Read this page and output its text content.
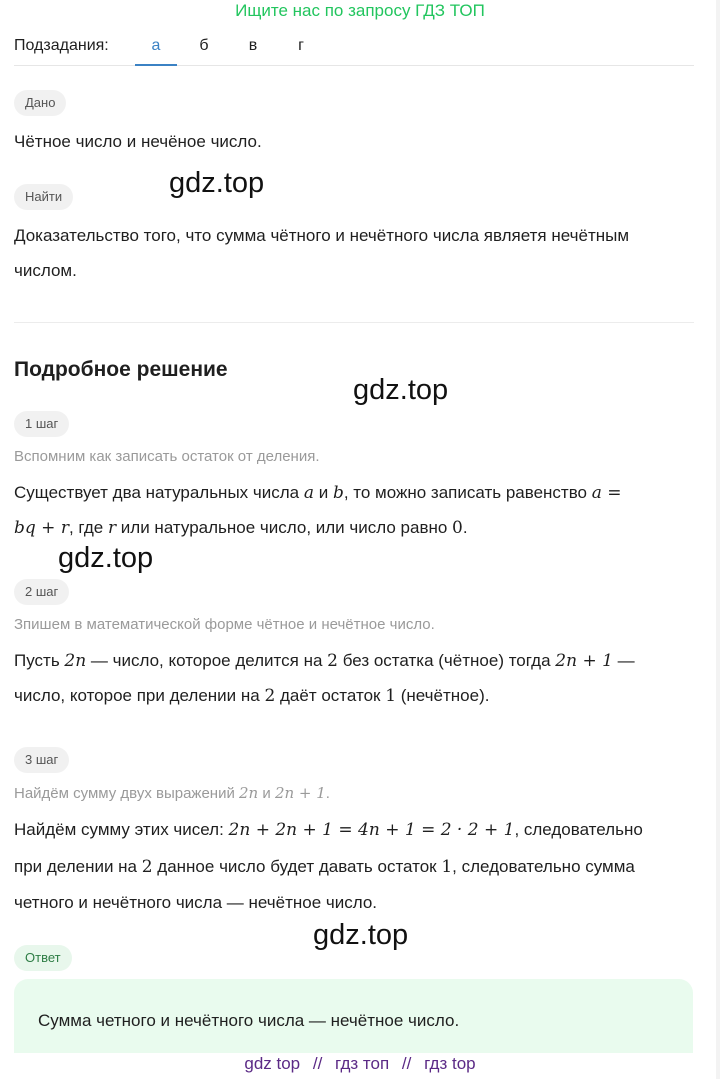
Ищите нас по запросу ГДЗ ТОП
Подзадания:	а	б	в	г
Дано
Чётное число и нечёное число.
Найти	gdz.top
Доказательство того, что сумма чётного и нечётного числа являетя нечётным
числом.
Подробное решение
gdz.top
1 шаг
Вспомним как записать остаток от деления.
Существует два натуральных числа a и b, то можно записать равенство a =
bq + r, где r или натуральное число, или число равно 0.
gdz.top
2 шаг
Зпишем в математической форме чётное и нечётное число.
Пусть 2n — число, которое делится на 2 без остатка (чётное) тогда 2n + 1 —
число, которое при делении на 2 даёт остаток 1 (нечётное).
3 шаг
Найдём сумму двух выражений 2n и 2n + 1.
Найдём сумму этих чисел: 2n + 2n + 1 = 4n + 1 = 2 · 2 + 1, следовательно
при делении на 2 данное число будет давать остаток 1, следовательно сумма
четного и нечётного числа — нечётное число.
gdz.top
Ответ
Сумма четного и нечётного числа — нечётное число.
gdz top // гдз топ // гдз top
